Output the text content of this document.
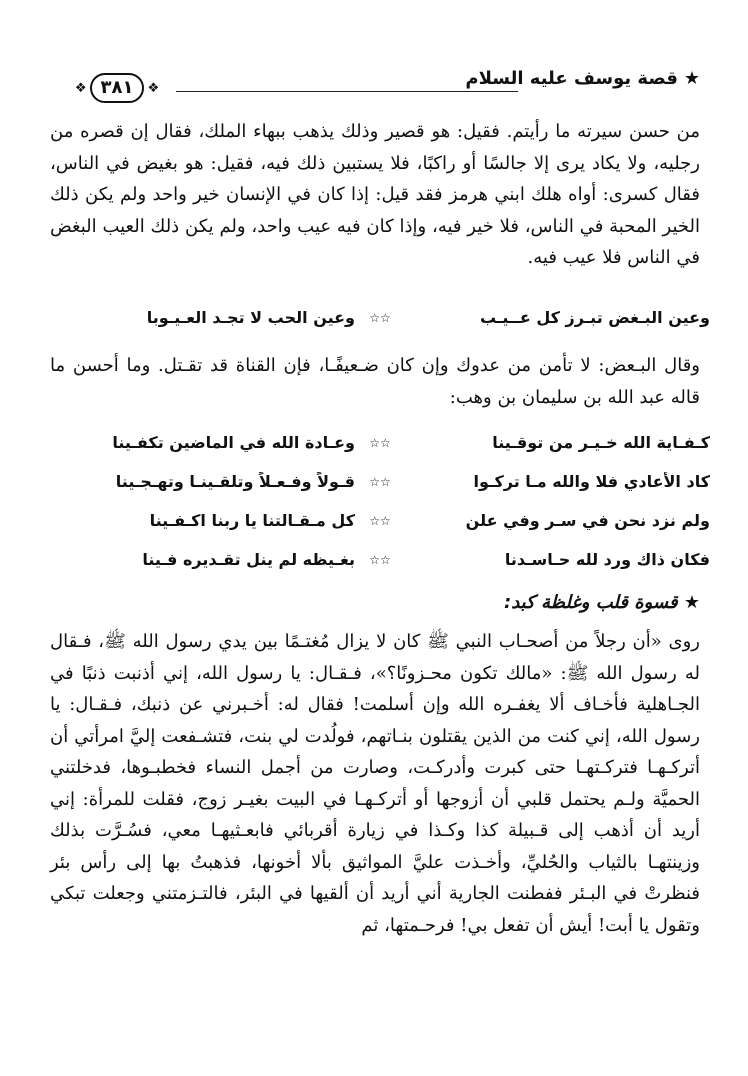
★قصة يوسف عليه السلام
❖
٣٨١
❖

من حسن سيرته ما رأيتم. فقيل: هو قصير وذلك يذهب ببهاء الملك، فقال إن قصره من رجليه، ولا يكاد يرى إلا جالسًا أو راكبًا، فلا يستبين ذلك فيه، فقيل: هو بغيض في الناس، فقال كسرى: أواه هلك ابني هرمز فقد قيل: إذا كان في الإنسان خير واحد ولم يكن ذلك الخير المحبة في الناس، فلا خير فيه، وإذا كان فيه عيب واحد، ولم يكن ذلك العيب البغض في الناس فلا عيب فيه.

وعين البـغض تبـرز كل عــيـب
☆☆
وعين الحب لا تجـد العـيـوبا

وقال البـعض: لا تأمن من عدوك وإن كان ضـعيفًـا، فإن القناة قد تقـتل. وما أحسن ما قاله عبد الله بن سليمان بن وهب:

كـفـاية الله خـيـر من توقـينا
☆☆
وعـادة الله في الماضين تكفـينا
كاد الأعادي فلا والله مـا تركـوا
☆☆
قـولاً وفـعـلاً وتلقـينـا وتهـجـينا
ولم نزد نحن في سـر وفي علن
☆☆
كل مـقـالتنا يا ربنا اكـفـينا
فكان ذاك ورد لله حـاسـدنا
☆☆
بغـيظه لم ينل تقـديره فـينا
★ قسوة قلب وغلظة كبد:

روى «أن رجلاً من أصحـاب النبي ﷺ كان لا يزال مُغتـمًا بين يدي رسول الله ﷺ، فـقال له رسول الله ﷺ: «مالك تكون محـزونًا؟»، فـقـال: يا رسول الله، إني أذنبت ذنبًا في الجـاهلية فأخـاف ألا يغفـره الله وإن أسلمت! فقال له: أخـبرني عن ذنبك، فـقـال: يا رسول الله، إني كنت من الذين يقتلون بنـاتهم، فولُدت لي بنت، فتشـفعت إليَّ امرأتي أن أتركـهـا فتركـتهـا حتى كبرت وأدركـت، وصارت من أجمل النساء فخطبـوها، فدخلتني الحميَّة ولـم يحتمل قلبي أن أزوجها أو أتركـهـا في البيت بغيـر زوج، فقلت للمرأة: إني أريد أن أذهب إلى قـبيلة كذا وكـذا في زيارة أقربائي فابعـثيهـا معي، فسُـرَّت بذلك وزينتهـا بالثياب والحُليِّ، وأخـذت عليَّ المواثيق بألا أخونها، فذهبتُ بها إلى رأس بئر فنظرتْ في البـئر ففطنت الجارية أني أريد أن ألقيها في البئر، فالتـزمتني وجعلت تبكي وتقول يا أبت! أيش أن تفعل بي! فرحـمتها، ثم
